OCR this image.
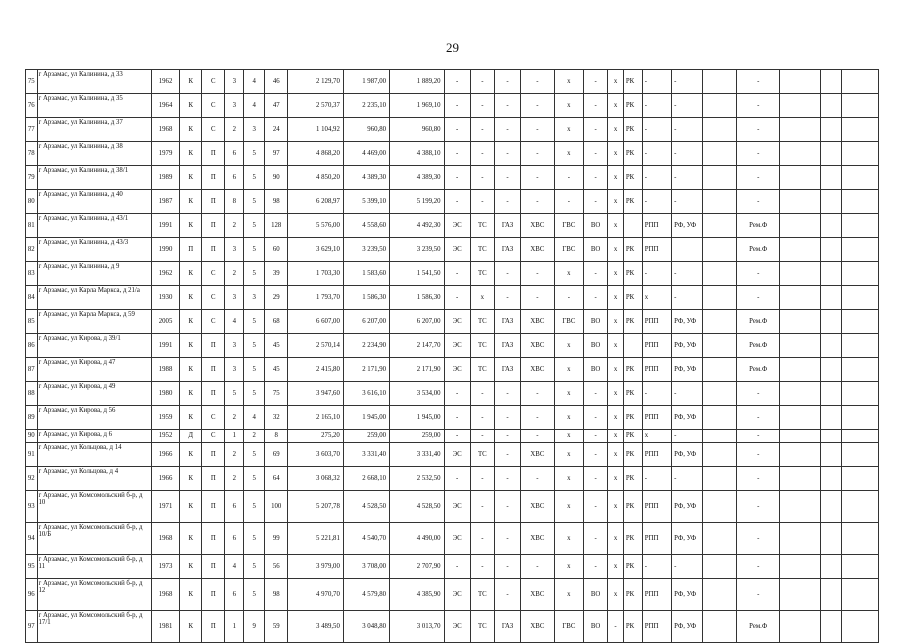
29
75	г Арзамас, ул Калинина, д 33	1962	К	С	3	4	46	2 129,70	1 987,00	1 889,20	-	-	-	-	х	-	х	РК	-	-		-			
76	г Арзамас, ул Калинина, д 35	1964	К	С	3	4	47	2 570,37	2 235,10	1 969,10	-	-	-	-	х	-	х	РК	-	-		-			
77	г Арзамас, ул Калинина, д 37	1968	К	С	2	3	24	1 104,92	960,80	960,80	-	-	-	-	х	-	х	РК	-	-		-			
78	г Арзамас, ул Калинина, д 38	1979	К	П	6	5	97	4 868,20	4 469,00	4 388,10	-	-	-	-	х	-	х	РК	-	-		-			
79	г Арзамас, ул Калинина, д 38/1	1989	К	П	6	5	90	4 850,20	4 389,30	4 389,30	-	-	-	-	-	-	х	РК	-	-		-			
80	г Арзамас, ул Калинина, д 40	1987	К	П	8	5	98	6 208,97	5 399,10	5 199,20	-	-	-	-	-	-	х	РК	-	-		-			
81	г Арзамас, ул Калинина, д 43/1	1991	К	П	2	5	128	5 576,00	4 558,60	4 492,30	ЭС	ТС	ГАЗ	ХВС	ГВС	ВО	х		РПП	РФ, УФ		Рем.Ф			
82	г Арзамас, ул Калинина, д 43/3	1990	П	П	3	5	60	3 629,10	3 239,50	3 239,50	ЭС	ТС	ГАЗ	ХВС	ГВС	ВО	х	РК	РПП			Рем.Ф			
83	г Арзамас, ул Калинина, д 9	1962	К	С	2	5	39	1 703,30	1 583,60	1 541,50	-	ТС	-	-	х	-	х	РК	-	-		-			
84	г Арзамас, ул Карла Маркса, д 21/а	1930	К	С	3	3	29	1 793,70	1 586,30	1 586,30	-	х	-	-	-	-	х	РК	х	-		-			
85	г Арзамас, ул Карла Маркса, д 59	2005	К	С	4	5	68	6 607,00	6 207,00	6 207,00	ЭС	ТС	ГАЗ	ХВС	ГВС	ВО	х	РК	РПП	РФ, УФ		Рем.Ф			
86	г Арзамас, ул Кирова, д 39/1	1991	К	П	3	5	45	2 570,14	2 234,90	2 147,70	ЭС	ТС	ГАЗ	ХВС	х	ВО	х		РПП	РФ, УФ		Рем.Ф			
87	г Арзамас, ул Кирова, д 47	1988	К	П	3	5	45	2 415,80	2 171,90	2 171,90	ЭС	ТС	ГАЗ	ХВС	х	ВО	х	РК	РПП	РФ, УФ		Рем.Ф			
88	г Арзамас, ул Кирова, д 49	1980	К	П	5	5	75	3 947,60	3 616,10	3 534,00	-	-	-	-	х	-	х	РК	-	-		-			
89	г Арзамас, ул Кирова, д 56	1959	К	С	2	4	32	2 165,10	1 945,00	1 945,00	-	-	-	-	х	-	х	РК	РПП	РФ, УФ		-			
90	г Арзамас, ул Кирова, д 6	1952	Д	С	1	2	8	275,20	259,00	259,00	-	-	-	-	х	-	х	РК	х	-		-			
91	г Арзамас, ул Кольцова, д 14	1966	К	П	2	5	69	3 603,70	3 331,40	3 331,40	ЭС	ТС	-	ХВС	х	-	х	РК	РПП	РФ, УФ		-			
92	г Арзамас, ул Кольцова, д 4	1966	К	П	2	5	64	3 068,32	2 668,10	2 532,50	-	-	-	-	х	-	х	РК	-	-		-			
93	г Арзамас, ул Комсомольский б-р, д 10	1971	К	П	6	5	100	5 207,78	4 528,50	4 528,50	ЭС	-	-	ХВС	х	-	х	РК	РПП	РФ, УФ		-			
94	г Арзамас, ул Комсомольский б-р, д 10/Б	1968	К	П	6	5	99	5 221,81	4 540,70	4 490,00	ЭС	-	-	ХВС	х	-	х	РК	РПП	РФ, УФ		-			
95	г Арзамас, ул Комсомольский б-р, д 11	1973	К	П	4	5	56	3 979,00	3 708,00	2 707,90	-	-	-	-	х	-	х	РК	-	-		-			
96	г Арзамас, ул Комсомольский б-р, д 12	1968	К	П	6	5	98	4 970,70	4 579,80	4 385,90	ЭС	ТС	-	ХВС	х	ВО	х	РК	РПП	РФ, УФ		-			
97	г Арзамас, ул Комсомольский б-р, д 17/1	1981	К	П	1	9	59	3 489,50	3 048,80	3 013,70	ЭС	ТС	ГАЗ	ХВС	ГВС	ВО	-	РК	РПП	РФ, УФ		Рем.Ф			
